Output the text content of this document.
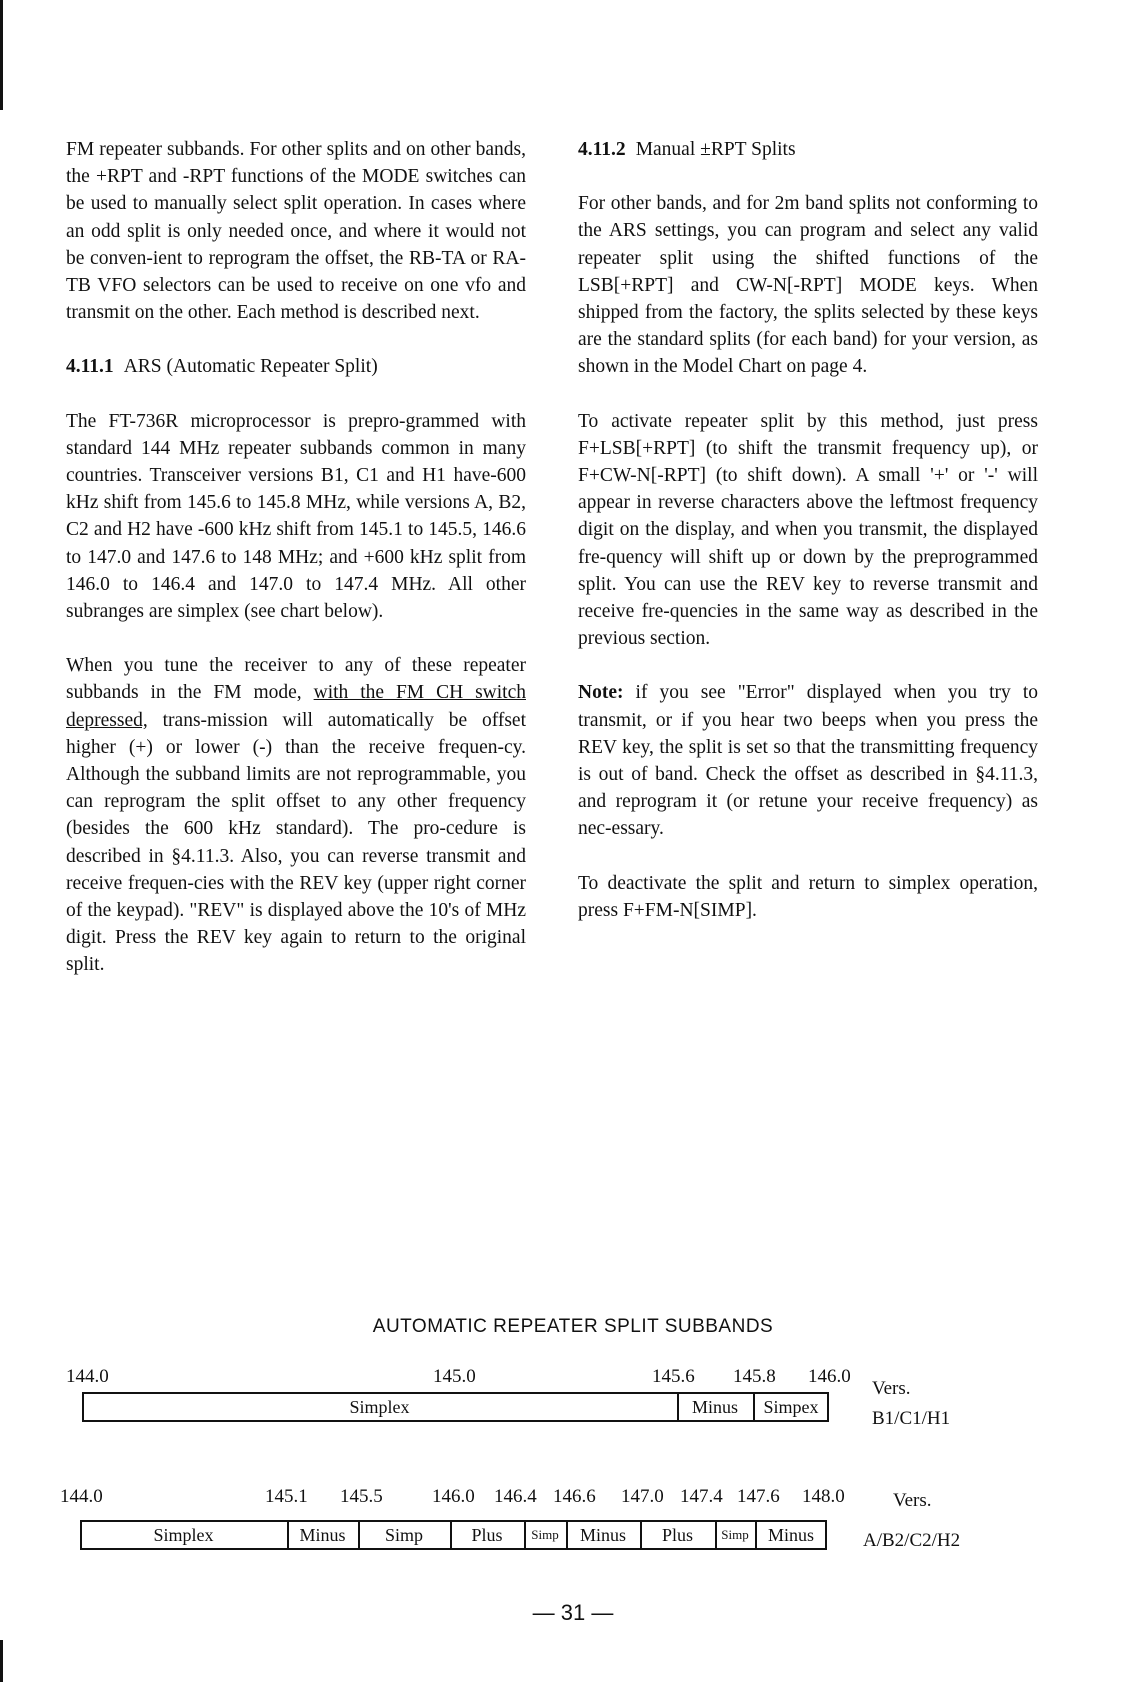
FM repeater subbands. For other splits and on other bands, the +RPT and -RPT functions of the MODE switches can be used to manually select split operation. In cases where an odd split is only needed once, and where it would not be conven-ient to reprogram the offset, the RB-TA or RA-TB VFO selectors can be used to receive on one vfo and transmit on the other. Each method is described next.

4.11.1 ARS (Automatic Repeater Split)

The FT-736R microprocessor is prepro-grammed with standard 144 MHz repeater subbands common in many countries. Transceiver versions B1, C1 and H1 have-600 kHz shift from 145.6 to 145.8 MHz, while versions A, B2, C2 and H2 have -600 kHz shift from 145.1 to 145.5, 146.6 to 147.0 and 147.6 to 148 MHz; and +600 kHz split from 146.0 to 146.4 and 147.0 to 147.4 MHz. All other subranges are simplex (see chart below).

When you tune the receiver to any of these repeater subbands in the FM mode, with the FM CH switch depressed, trans-mission will automatically be offset higher (+) or lower (-) than the receive frequen-cy. Although the subband limits are not reprogrammable, you can reprogram the split offset to any other frequency (besides the 600 kHz standard). The pro-cedure is described in §4.11.3. Also, you can reverse transmit and receive frequen-cies with the REV key (upper right corner of the keypad). "REV" is displayed above the 10's of MHz digit. Press the REV key again to return to the original split.

4.11.2 Manual ±RPT Splits

For other bands, and for 2m band splits not conforming to the ARS settings, you can program and select any valid repeater split using the shifted functions of the LSB[+RPT] and CW-N[-RPT] MODE keys. When shipped from the factory, the splits selected by these keys are the standard splits (for each band) for your version, as shown in the Model Chart on page 4.

To activate repeater split by this method, just press F+LSB[+RPT] (to shift the transmit frequency up), or F+CW-N[-RPT] (to shift down). A small '+' or '-' will appear in reverse characters above the leftmost frequency digit on the display, and when you transmit, the displayed fre-quency will shift up or down by the preprogrammed split. You can use the REV key to reverse transmit and receive fre-quencies in the same way as described in the previous section.

Note: if you see "Error" displayed when you try to transmit, or if you hear two beeps when you press the REV key, the split is set so that the transmitting frequency is out of band. Check the offset as described in §4.11.3, and reprogram it (or retune your receive frequency) as nec-essary.

To deactivate the split and return to simplex operation, press F+FM-N[SIMP].

AUTOMATIC REPEATER SPLIT SUBBANDS
144.0	145.0	145.6 145.8 146.0
Simplex	Minus	Simpex
Vers.
B1/C1/H1
144.0	145.1 145.5	146.0 146.4 146.6 147.0 147.4 147.6 148.0
Simplex	Minus	Simp	Plus	Simp	Minus	Plus	Simp	Minus
Vers.
A/B2/C2/H2
— 31 —
